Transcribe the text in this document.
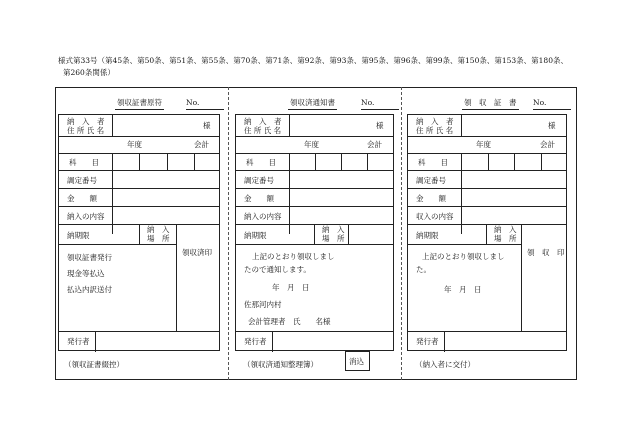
様式第33号（第45条、第50条、第51条、第55条、第70条、第71条、第92条、第93条、第95条、第96条、第99条、第150条、第153条、第180条、
第260条関係）
領収証書原符	No.
納　入　者
住 所 氏 名
様
年度	会計
科　　目
調定番号
金　　額
納入の内容
納期限
納　入
場　所
領収済印
領収証書発行
現金等払込
払込内訳送付
発行者
（領収証書綴控）
領収済通知書	No.
納　入　者
住 所 氏 名
様
年度	会計
科　　目
調定番号
金　　額
納入の内容
納期限
納　入
場　所
上記のとおり領収しまし
たので通知します。
年　月　日
佐那河内村
会計管理者　氏　　名様
発行者
消込
（領収済通知整理簿）
領　収　証　書 No.
納　入　者
住 所 氏 名
様
年度	会計
科　　目
調定番号
金　　額
収入の内容
納期限
納　入
場　所
領　収　印
上記のとおり領収しまし
た。
年　月　日
発行者
（納入者に交付）
